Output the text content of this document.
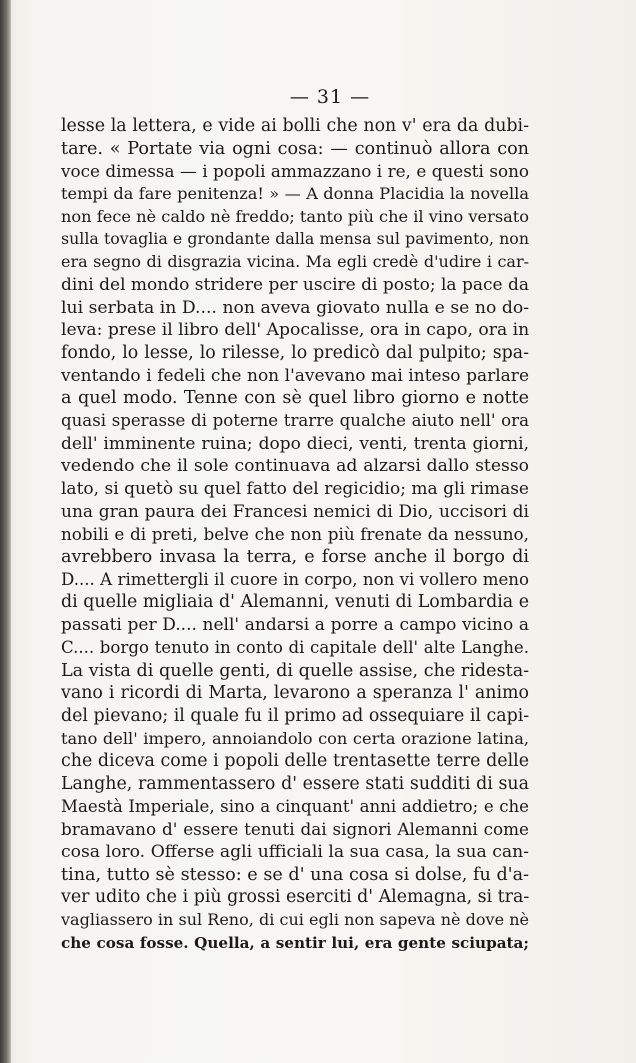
— 31 —
lesse la lettera, e vide ai bolli che non v' era da dubi-
tare. « Portate via ogni cosa: — continuò allora con
voce dimessa — i popoli ammazzano i re, e questi sono
tempi da fare penitenza! » — A donna Placidia la novella
non fece nè caldo nè freddo; tanto più che il vino versato
sulla tovaglia e grondante dalla mensa sul pavimento, non
era segno di disgrazia vicina. Ma egli credè d'udire i car-
dini del mondo stridere per uscire di posto; la pace da
lui serbata in D.... non aveva giovato nulla e se no do-
leva: prese il libro dell' Apocalisse, ora in capo, ora in
fondo, lo lesse, lo rilesse, lo predicò dal pulpito; spa-
ventando i fedeli che non l'avevano mai inteso parlare
a quel modo. Tenne con sè quel libro giorno e notte
quasi sperasse di poterne trarre qualche aiuto nell' ora
dell' imminente ruina; dopo dieci, venti, trenta giorni,
vedendo che il sole continuava ad alzarsi dallo stesso
lato, si quetò su quel fatto del regicidio; ma gli rimase
una gran paura dei Francesi nemici di Dio, uccisori di
nobili e di preti, belve che non più frenate da nessuno,
avrebbero invasa la terra, e forse anche il borgo di
D.... A rimettergli il cuore in corpo, non vi vollero meno
di quelle migliaia d' Alemanni, venuti di Lombardia e
passati per D.... nell' andarsi a porre a campo vicino a
C.... borgo tenuto in conto di capitale dell' alte Langhe.
La vista di quelle genti, di quelle assise, che ridesta-
vano i ricordi di Marta, levarono a speranza l' animo
del pievano; il quale fu il primo ad ossequiare il capi-
tano dell' impero, annoiandolo con certa orazione latina,
che diceva come i popoli delle trentasette terre delle
Langhe, rammentassero d' essere stati sudditi di sua
Maestà Imperiale, sino a cinquant' anni addietro; e che
bramavano d' essere tenuti dai signori Alemanni come
cosa loro. Offerse agli ufficiali la sua casa, la sua can-
tina, tutto sè stesso: e se d' una cosa si dolse, fu d'a-
ver udito che i più grossi eserciti d' Alemagna, si tra-
vagliassero in sul Reno, di cui egli non sapeva nè dove nè
che cosa fosse. Quella, a sentir lui, era gente sciupata;
